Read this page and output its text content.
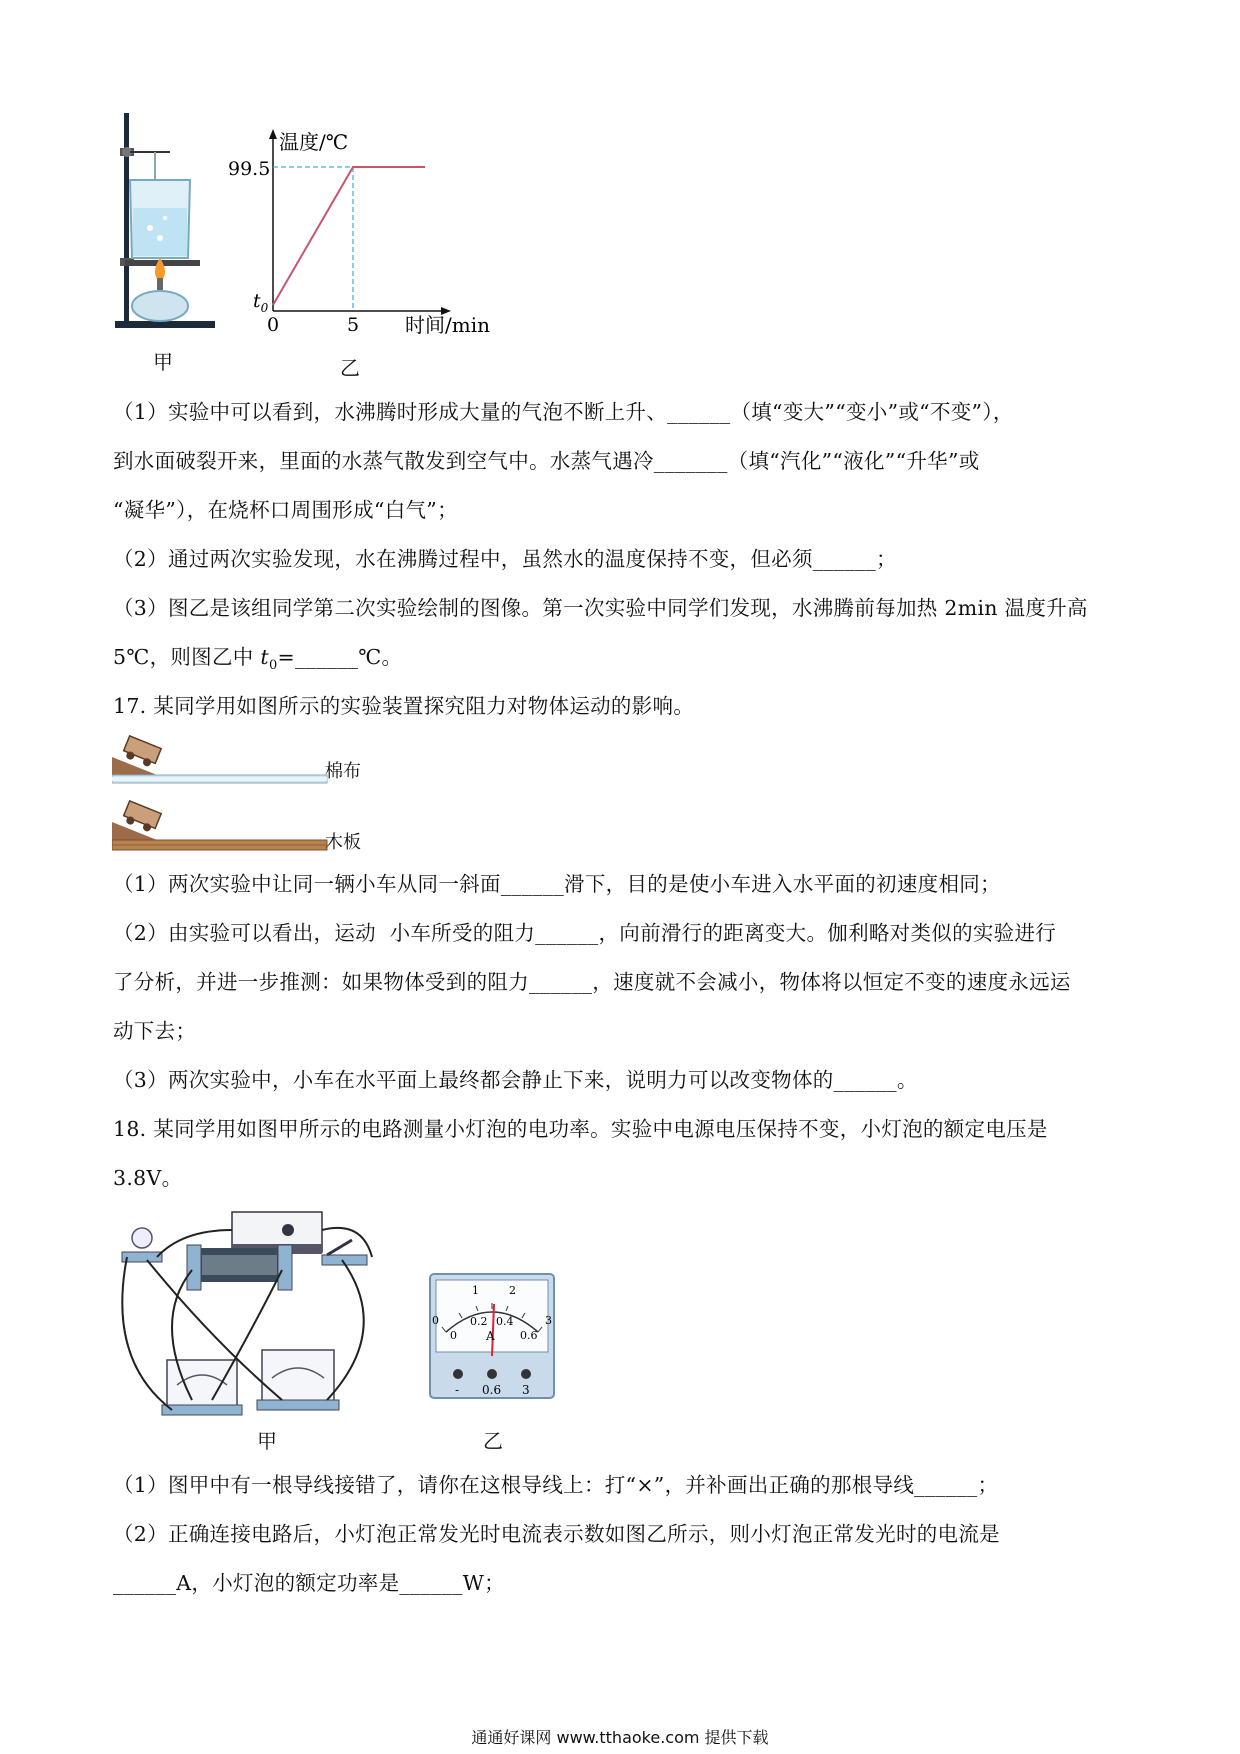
甲
温度/℃
99.5
$t_0$
0	5 时间/min
乙
（1）实验中可以看到，水沸腾时形成大量的气泡不断上升、______（填“变大”“变小”或“不变”），
到水面破裂开来，里面的水蒸气散发到空气中。水蒸气遇冷_______（填“汽化”“液化”“升华”或
“凝华”），在烧杯口周围形成“白气”；
（2）通过两次实验发现，水在沸腾过程中，虽然水的温度保持不变，但必须______；
（3）图乙是该组同学第二次实验绘制的图像。第一次实验中同学们发现，水沸腾前每加热 2min 温度升高
5℃，则图乙中 $t_0=\_\_\_\_\_\_℃$。
17. 某同学用如图所示的实验装置探究阻力对物体运动的影响。
棉布
木板
（1）两次实验中让同一辆小车从同一斜面______滑下，目的是使小车进入水平面的初速度相同；
（2）由实验可以看出，运动  小车所受的阻力______，向前滑行的距离变大。伽利略对类似的实验进行
了分析，并进一步推测：如果物体受到的阻力______，速度就不会减小，物体将以恒定不变的速度永远运
动下去；
（3）两次实验中，小车在水平面上最终都会静止下来，说明力可以改变物体的______。
18. 某同学用如图甲所示的电路测量小灯泡的电功率。实验中电源电压保持不变，小灯泡的额定电压是
3.8V。
甲
0
1	2
3
0
0.2 0.4
0.6
A
- 0.6 3
乙
（1）图甲中有一根导线接错了，请你在这根导线上：打“×”，并补画出正确的那根导线______；
（2）正确连接电路后，小灯泡正常发光时电流表示数如图乙所示，则小灯泡正常发光时的电流是
______A，小灯泡的额定功率是______W；
通通好课网 www.tthaoke.com 提供下载
